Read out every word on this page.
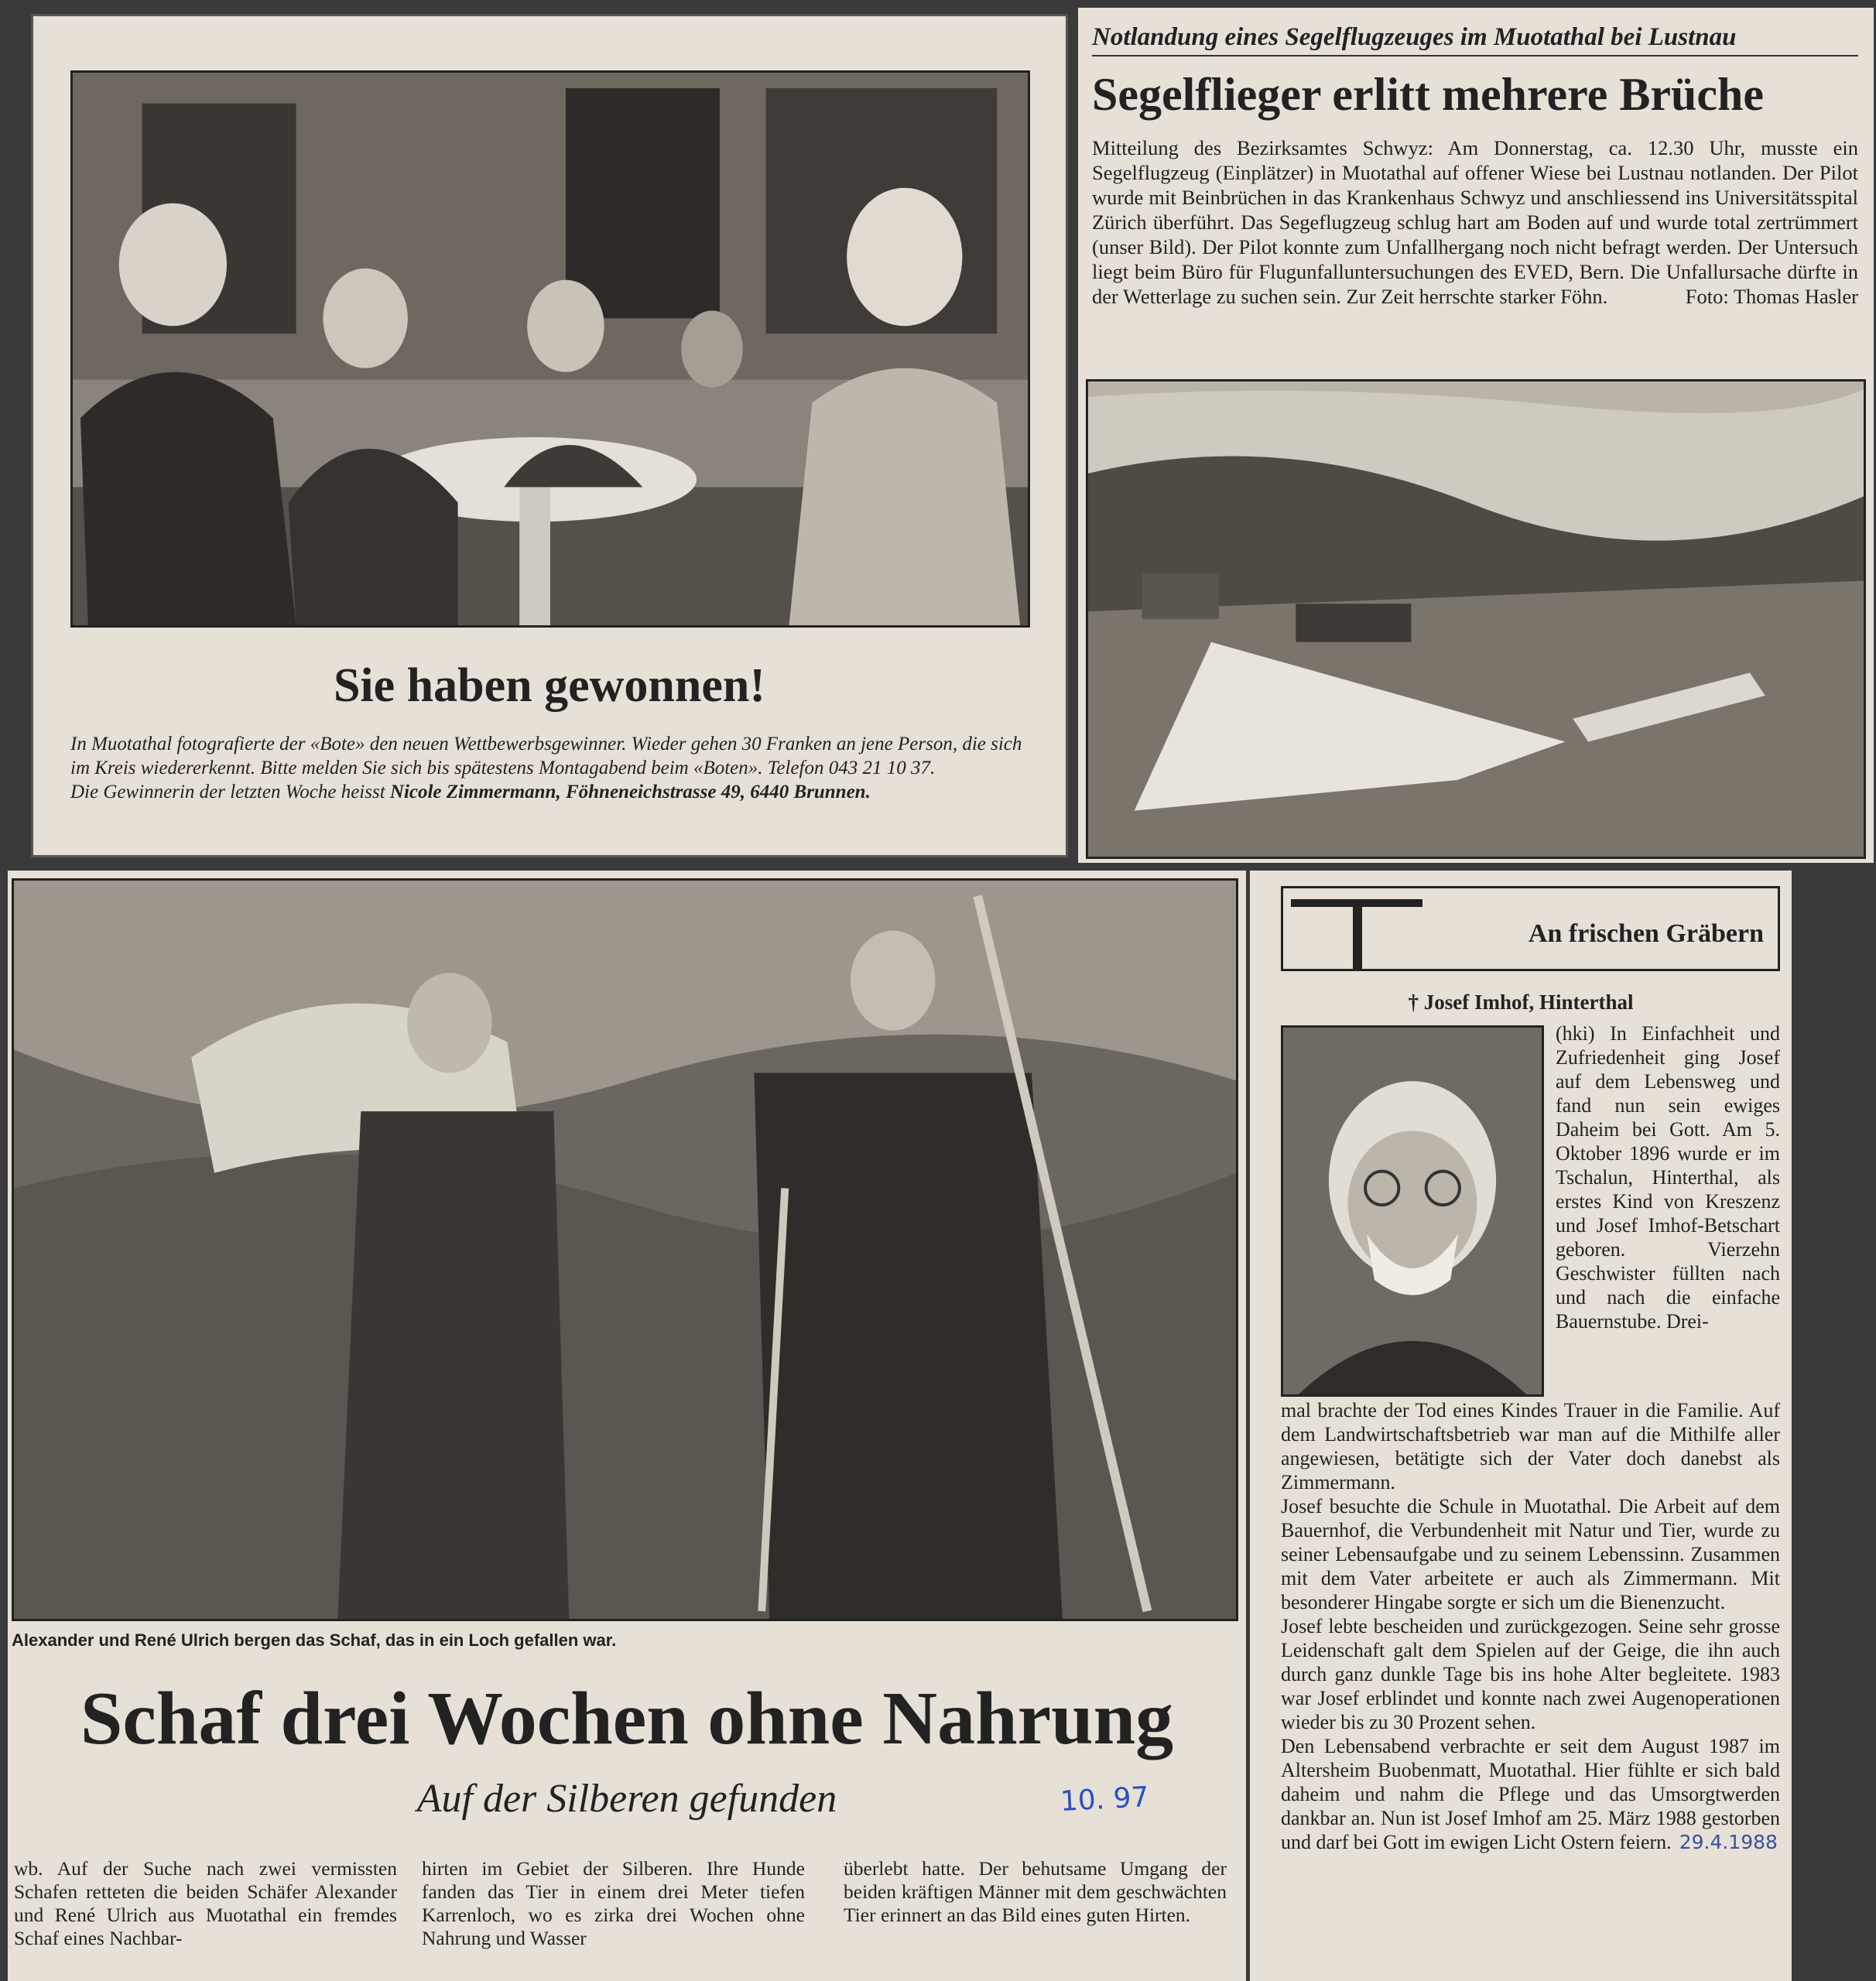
Sie haben gewonnen!
In Muotathal fotografierte der «Bote» den neuen Wettbewerbsgewinner. Wieder gehen 30 Franken an jene Person, die sich im Kreis wiedererkennt. Bitte melden Sie sich bis spätestens Montagabend beim «Boten». Telefon 043 21 10 37.
Die Gewinnerin der letzten Woche heisst Nicole Zimmermann, Föhneneichstrasse 49, 6440 Brunnen.
Notlandung eines Segelflugzeuges im Muotathal bei Lustnau
Segelflieger erlitt mehrere Brüche
Mitteilung des Bezirksamtes Schwyz: Am Donnerstag, ca. 12.30 Uhr, musste ein Segelflugzeug (Einplätzer) in Muotathal auf offener Wiese bei Lustnau notlanden. Der Pilot wurde mit Beinbrüchen in das Krankenhaus Schwyz und anschliessend ins Universitätsspital Zürich überführt. Das Segeflugzeug schlug hart am Boden auf und wurde total zertrümmert (unser Bild). Der Pilot konnte zum Unfallhergang noch nicht befragt werden. Der Untersuch liegt beim Büro für Flugunfalluntersuchungen des EVED, Bern. Die Unfallursache dürfte in der Wetterlage zu suchen sein. Zur Zeit herrschte starker Föhn.	Foto: Thomas Hasler
Alexander und René Ulrich bergen das Schaf, das in ein Loch gefallen war.
Schaf drei Wochen ohne Nahrung
Auf der Silberen gefunden	10. 97
wb. Auf der Suche nach zwei vermissten Schafen retteten die beiden Schäfer Alexander und René Ulrich aus Muotathal ein fremdes Schaf eines Nachbar-
hirten im Gebiet der Silberen. Ihre Hunde fanden das Tier in einem drei Meter tiefen Karrenloch, wo es zirka drei Wochen ohne Nahrung und Wasser
überlebt hatte. Der behutsame Umgang der beiden kräftigen Männer mit dem geschwächten Tier erinnert an das Bild eines guten Hirten.
An frischen Gräbern
† Josef Imhof, Hinterthal
(hki) In Einfachheit und Zufriedenheit ging Josef auf dem Lebensweg und fand nun sein ewiges Daheim bei Gott. Am 5. Oktober 1896 wurde er im Tschalun, Hinterthal, als erstes Kind von Kreszenz und Josef Imhof-Betschart geboren. Vierzehn Geschwister füllten nach und nach die einfache Bauernstube. Drei-

mal brachte der Tod eines Kindes Trauer in die Familie. Auf dem Landwirtschaftsbetrieb war man auf die Mithilfe aller angewiesen, betätigte sich der Vater doch danebst als Zimmermann.

Josef besuchte die Schule in Muotathal. Die Arbeit auf dem Bauernhof, die Verbundenheit mit Natur und Tier, wurde zu seiner Lebensaufgabe und zu seinem Lebenssinn. Zusammen mit dem Vater arbeitete er auch als Zimmermann. Mit besonderer Hingabe sorgte er sich um die Bienenzucht.

Josef lebte bescheiden und zurückgezogen. Seine sehr grosse Leidenschaft galt dem Spielen auf der Geige, die ihn auch durch ganz dunkle Tage bis ins hohe Alter begleitete. 1983 war Josef erblindet und konnte nach zwei Augenoperationen wieder bis zu 30 Prozent sehen.

Den Lebensabend verbrachte er seit dem August 1987 im Altersheim Buobenmatt, Muotathal. Hier fühlte er sich bald daheim und nahm die Pflege und das Umsorgtwerden dankbar an. Nun ist Josef Imhof am 25. März 1988 gestorben und darf bei Gott im ewigen Licht Ostern feiern. 29.4.1988
